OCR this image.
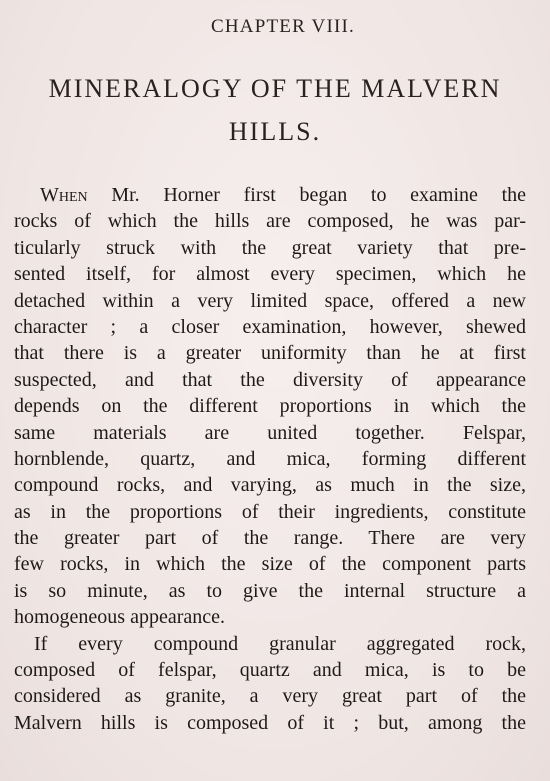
CHAPTER VIII.
MINERALOGY OF THE MALVERN
HILLS.
When Mr. Horner first began to examine the
rocks of which the hills are composed, he was par-
ticularly struck with the great variety that pre-
sented itself, for almost every specimen, which he
detached within a very limited space, offered a new
character ; a closer examination, however, shewed
that there is a greater uniformity than he at first
suspected, and that the diversity of appearance
depends on the different proportions in which the
same materials are united together. Felspar,
hornblende, quartz, and mica, forming different
compound rocks, and varying, as much in the size,
as in the proportions of their ingredients, constitute
the greater part of the range. There are very
few rocks, in which the size of the component parts
is so minute, as to give the internal structure a
homogeneous appearance.
If every compound granular aggregated rock,
composed of felspar, quartz and mica, is to be
considered as granite, a very great part of the
Malvern hills is composed of it ; but, among the
